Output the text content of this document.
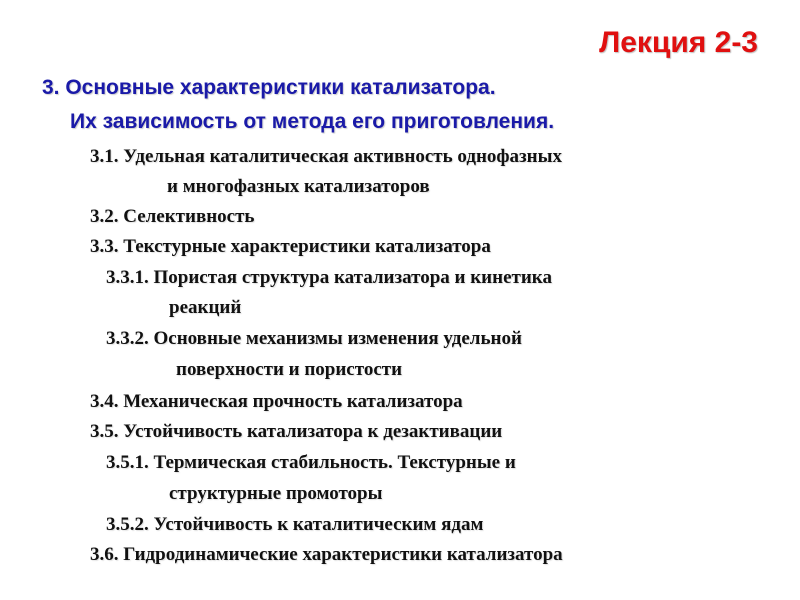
Лекция 2-3
3. Основные характеристики катализатора.
Их зависимость от метода его приготовления.
3.1. Удельная каталитическая активность однофазных
и многофазных катализаторов
3.2. Селективность
3.3. Текстурные характеристики катализатора
3.3.1. Пористая структура катализатора и кинетика
реакций
3.3.2. Основные механизмы изменения удельной
поверхности и пористости
3.4. Механическая прочность катализатора
3.5. Устойчивость катализатора к дезактивации
3.5.1. Термическая стабильность. Текстурные и
структурные промоторы
3.5.2. Устойчивость к каталитическим ядам
3.6. Гидродинамические характеристики катализатора
